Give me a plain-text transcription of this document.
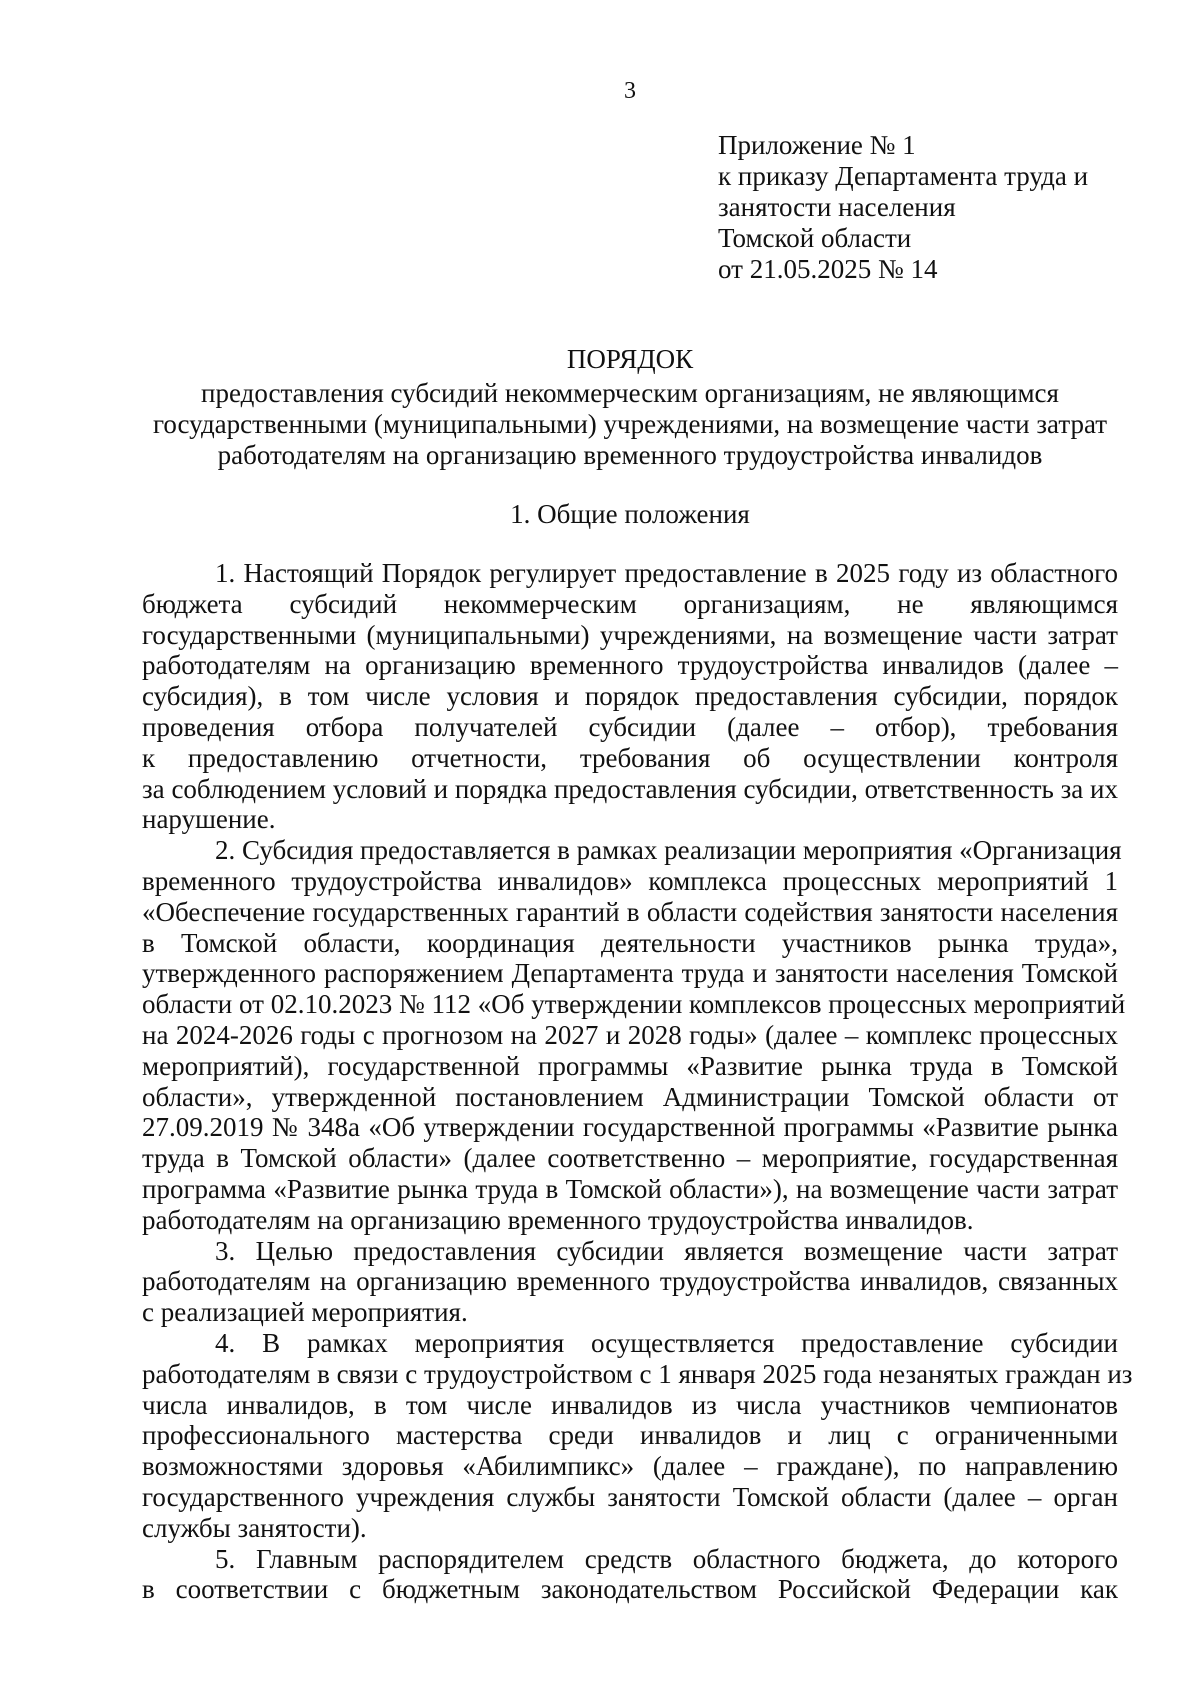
3
Приложение № 1
к приказу Департамента труда и
занятости населения
Томской области
от 21.05.2025 № 14
ПОРЯДОК
предоставления субсидий некоммерческим организациям, не являющимся
государственными (муниципальными) учреждениями, на возмещение части затрат
работодателям на организацию временного трудоустройства инвалидов
1. Общие положения

1. Настоящий Порядок регулирует предоставление в 2025 году из областного
бюджета субсидий некоммерческим организациям, не являющимся
государственными (муниципальными) учреждениями, на возмещение части затрат
работодателям на организацию временного трудоустройства инвалидов (далее –
субсидия), в том числе условия и порядок предоставления субсидии, порядок
проведения отбора получателей субсидии (далее – отбор), требования
к предоставлению отчетности, требования об осуществлении контроля
за соблюдением условий и порядка предоставления субсидии, ответственность за их
нарушение.

2. Субсидия предоставляется в рамках реализации мероприятия «Организация
временного трудоустройства инвалидов» комплекса процессных мероприятий 1
«Обеспечение государственных гарантий в области содействия занятости населения
в Томской области, координация деятельности участников рынка труда»,
утвержденного распоряжением Департамента труда и занятости населения Томской
области от 02.10.2023 № 112 «Об утверждении комплексов процессных мероприятий
на 2024-2026 годы с прогнозом на 2027 и 2028 годы» (далее – комплекс процессных
мероприятий), государственной программы «Развитие рынка труда в Томской
области», утвержденной постановлением Администрации Томской области от
27.09.2019 № 348а «Об утверждении государственной программы «Развитие рынка
труда в Томской области» (далее соответственно – мероприятие, государственная
программа «Развитие рынка труда в Томской области»), на возмещение части затрат
работодателям на организацию временного трудоустройства инвалидов.

3. Целью предоставления субсидии является возмещение части затрат
работодателям на организацию временного трудоустройства инвалидов, связанных
с реализацией мероприятия.

4. В рамках мероприятия осуществляется предоставление субсидии
работодателям в связи с трудоустройством с 1 января 2025 года незанятых граждан из
числа инвалидов, в том числе инвалидов из числа участников чемпионатов
профессионального мастерства среди инвалидов и лиц с ограниченными
возможностями здоровья «Абилимпикс» (далее – граждане), по направлению
государственного учреждения службы занятости Томской области (далее – орган
службы занятости).

5. Главным распорядителем средств областного бюджета, до которого
в соответствии с бюджетным законодательством Российской Федерации как
